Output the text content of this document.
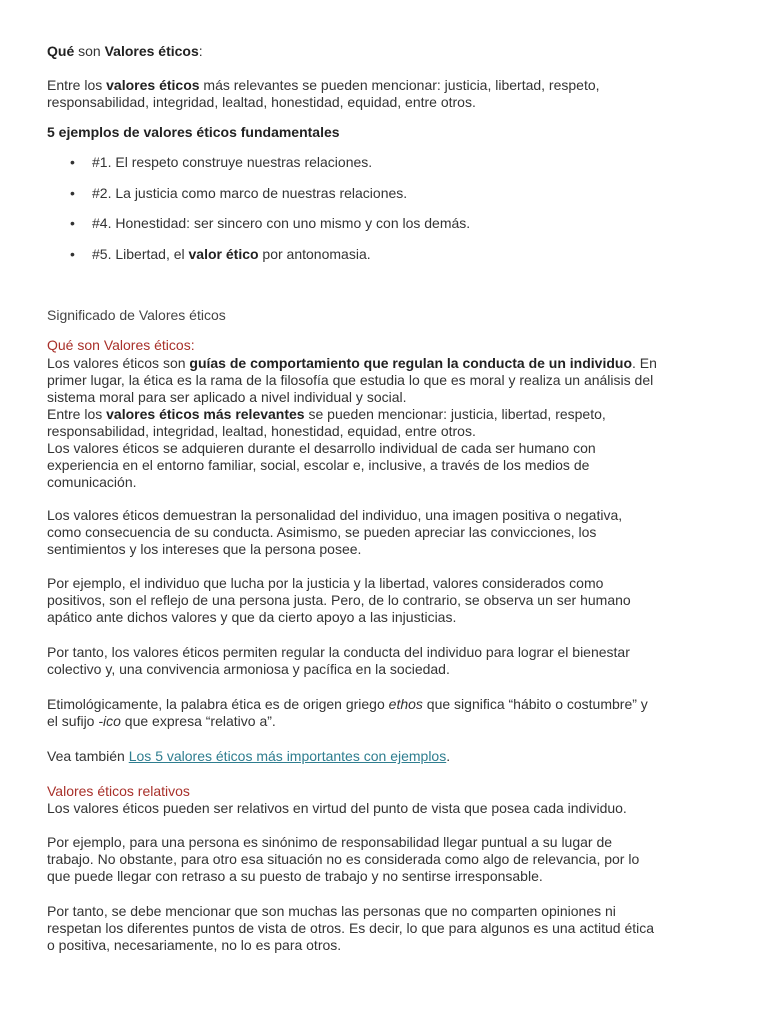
Qué son Valores éticos:

Entre los valores éticos más relevantes se pueden mencionar: justicia, libertad, respeto,
responsabilidad, integridad, lealtad, honestidad, equidad, entre otros.

5 ejemplos de valores éticos fundamentales

• #1. El respeto construye nuestras relaciones.
• #2. La justicia como marco de nuestras relaciones.
• #4. Honestidad: ser sincero con uno mismo y con los demás.
• #5. Libertad, el valor ético por antonomasia.

Significado de Valores éticos

Qué son Valores éticos:

Los valores éticos son guías de comportamiento que regulan la conducta de un individuo. En
primer lugar, la ética es la rama de la filosofía que estudia lo que es moral y realiza un análisis del
sistema moral para ser aplicado a nivel individual y social.
Entre los valores éticos más relevantes se pueden mencionar: justicia, libertad, respeto,
responsabilidad, integridad, lealtad, honestidad, equidad, entre otros.
Los valores éticos se adquieren durante el desarrollo individual de cada ser humano con
experiencia en el entorno familiar, social, escolar e, inclusive, a través de los medios de
comunicación.

Los valores éticos demuestran la personalidad del individuo, una imagen positiva o negativa,
como consecuencia de su conducta. Asimismo, se pueden apreciar las convicciones, los
sentimientos y los intereses que la persona posee.

Por ejemplo, el individuo que lucha por la justicia y la libertad, valores considerados como
positivos, son el reflejo de una persona justa. Pero, de lo contrario, se observa un ser humano
apático ante dichos valores y que da cierto apoyo a las injusticias.

Por tanto, los valores éticos permiten regular la conducta del individuo para lograr el bienestar
colectivo y, una convivencia armoniosa y pacífica en la sociedad.

Etimológicamente, la palabra ética es de origen griego ethos que significa “hábito o costumbre” y
el sufijo -ico que expresa “relativo a”.

Vea también Los 5 valores éticos más importantes con ejemplos.

Valores éticos relativos

Los valores éticos pueden ser relativos en virtud del punto de vista que posea cada individuo.

Por ejemplo, para una persona es sinónimo de responsabilidad llegar puntual a su lugar de
trabajo. No obstante, para otro esa situación no es considerada como algo de relevancia, por lo
que puede llegar con retraso a su puesto de trabajo y no sentirse irresponsable.

Por tanto, se debe mencionar que son muchas las personas que no comparten opiniones ni
respetan los diferentes puntos de vista de otros. Es decir, lo que para algunos es una actitud ética
o positiva, necesariamente, no lo es para otros.
